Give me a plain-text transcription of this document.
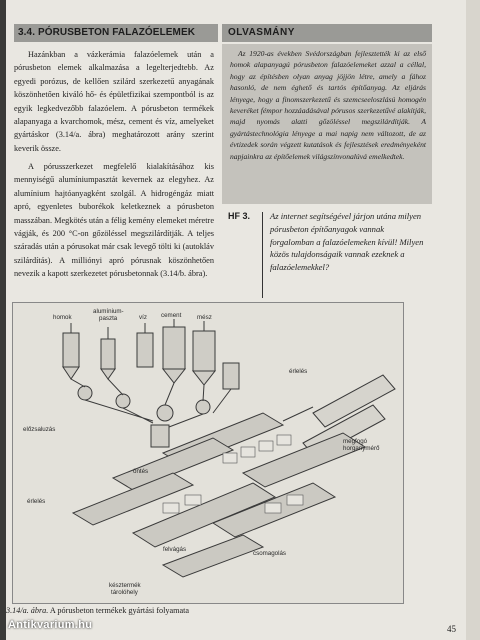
3.4. PÓRUSBETON FALAZÓELEMEK

Hazánkban a vázkerámia falazóelemek után a pórusbeton elemek alkalmazása a legelterjedtebb. Az egyedi porózus, de kellően szilárd szerkezetű anyagának köszönhetően kiváló hő- és épületfizikai szempontból is az egyik legkedvezőbb falazóelem. A pórusbeton termékek alapanyaga a kvarchomok, mész, cement és víz, amelyeket gyártáskor (3.14/a. ábra) meghatározott arány szerint keverik össze.

A pórusszerkezet megfelelő kialakításához kis mennyiségű alumíniumpasztát kevernek az elegyhez. Az alumínium hajtóanyagként szolgál. A hidrogéngáz miatt apró, egyenletes buborékok keletkeznek a pórusbeton masszában. Megkötés után a félig kemény elemeket méretre vágják, és 200 °C-on gőzöléssel megszilárdítják. A teljes száradás után a pórusokat már csak levegő tölti ki (autokláv szilárdítás). A milliónyi apró pórusnak köszönhetően nevezik a kapott szerkezetet pórusbetonnak (3.14/b. ábra).

OLVASMÁNY
Az 1920-as években Svédországban fejlesztették ki az első homok alapanyagú pórusbeton falazóelemeket azzal a céllal, hogy az építésben olyan anyag jöjjön létre, amely a fához hasonló, de nem éghető és tartós építőanyag. Az eljárás lényege, hogy a finomszerkezetű és szemcseeloszlású homogén keveréket fémpor hozzáadásával pórusos szerkezetűvé alakítják, majd nyomás alatti gőzöléssel megszilárdítják. A gyártástechnológia lényege a mai napig nem változott, de az évtizedek során végzett kutatások és fejlesztések eredményeként napjainkra az építőelemek világszínvonalúvá emelkedtek.
HF 3. Az internet segítségével járjon utána milyen pórusbeton építőanyagok vannak forgalomban a falazóelemeken kívül! Milyen közös tulajdonságaik vannak ezeknek a falazóelemekkel?

homok
alumínium-
paszta	víz cement	mész
érlelés
előzsaluzás
megfogó
horganymérő
öntés
érlelés
felvágás
csomagolás
késztermék
tárolóhely
3.14/a. ábra. A pórusbeton termékek gyártási folyamata
Antikvarium.hu	45
